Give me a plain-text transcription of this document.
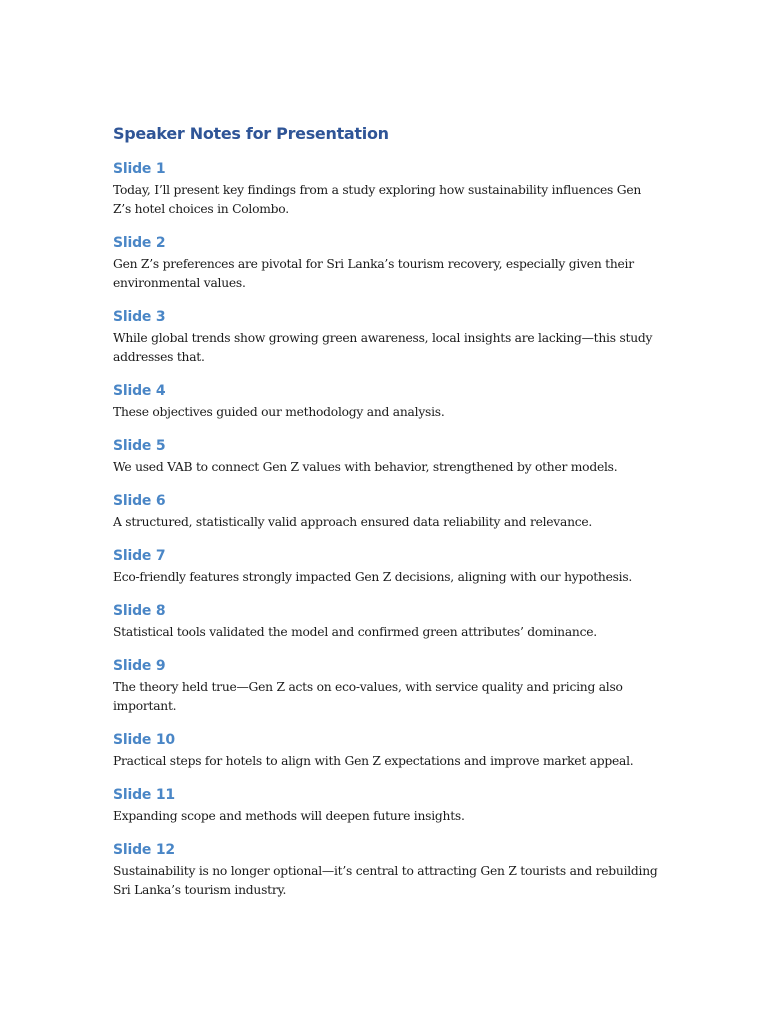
Speaker Notes for Presentation
Slide 1

Today, I’ll present key findings from a study exploring how sustainability influences Gen Z’s hotel choices in Colombo.

Slide 2

Gen Z’s preferences are pivotal for Sri Lanka’s tourism recovery, especially given their environmental values.

Slide 3

While global trends show growing green awareness, local insights are lacking—this study addresses that.

Slide 4

These objectives guided our methodology and analysis.

Slide 5

We used VAB to connect Gen Z values with behavior, strengthened by other models.

Slide 6

A structured, statistically valid approach ensured data reliability and relevance.

Slide 7

Eco-friendly features strongly impacted Gen Z decisions, aligning with our hypothesis.

Slide 8

Statistical tools validated the model and confirmed green attributes’ dominance.

Slide 9

The theory held true—Gen Z acts on eco-values, with service quality and pricing also important.

Slide 10

Practical steps for hotels to align with Gen Z expectations and improve market appeal.

Slide 11

Expanding scope and methods will deepen future insights.

Slide 12

Sustainability is no longer optional—it’s central to attracting Gen Z tourists and rebuilding Sri Lanka’s tourism industry.
